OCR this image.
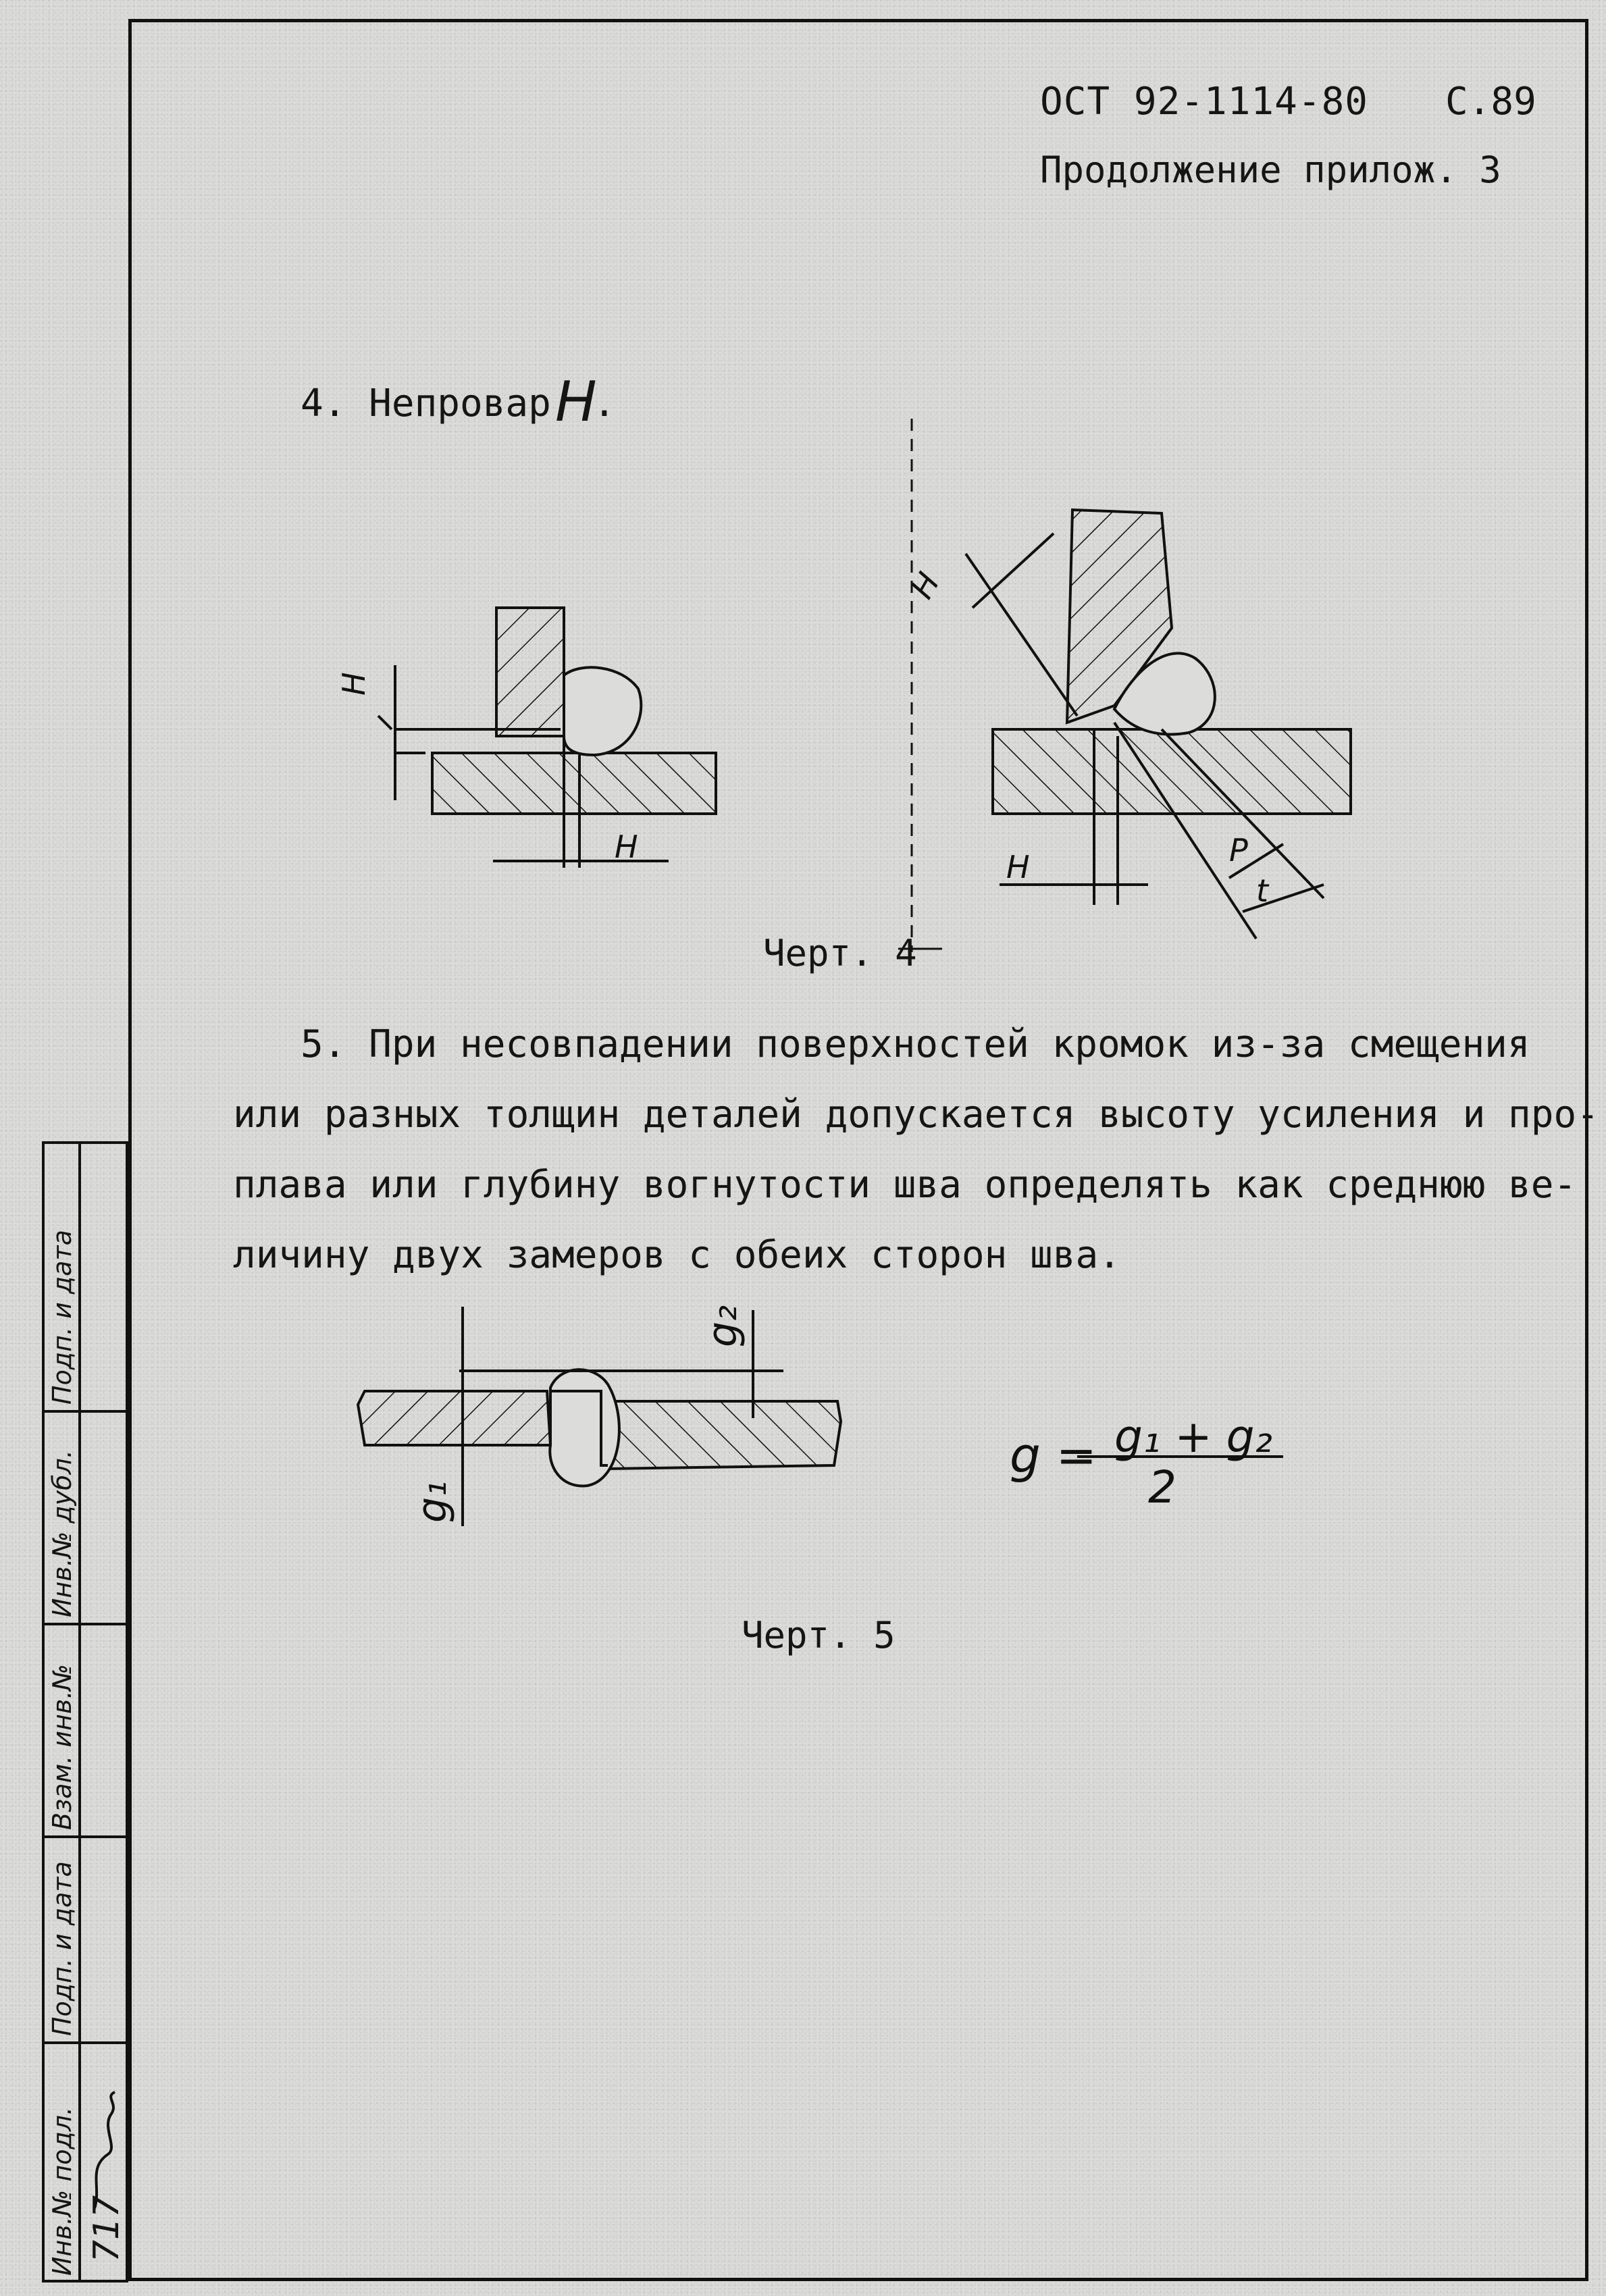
ОСТ 92-1114-80 С.89
Продолжение прилож. 3
4. Непровар H
.
H
H
H
H	P
t
Черт. 4
5. При несовпадении поверхностей кромок из-за смещения
или разных толщин деталей допускается высоту усиления и про-
плава или глубину вогнутости шва определять как среднюю ве-
личину двух замеров с обеих сторон шва.
g₂
g₁
g = g₁ + g₂
2
Черт. 5
Подп. и дата
Инв.№ дубл.
Взам. инв.№
Подп. и дата
Инв.№ подл. 717
